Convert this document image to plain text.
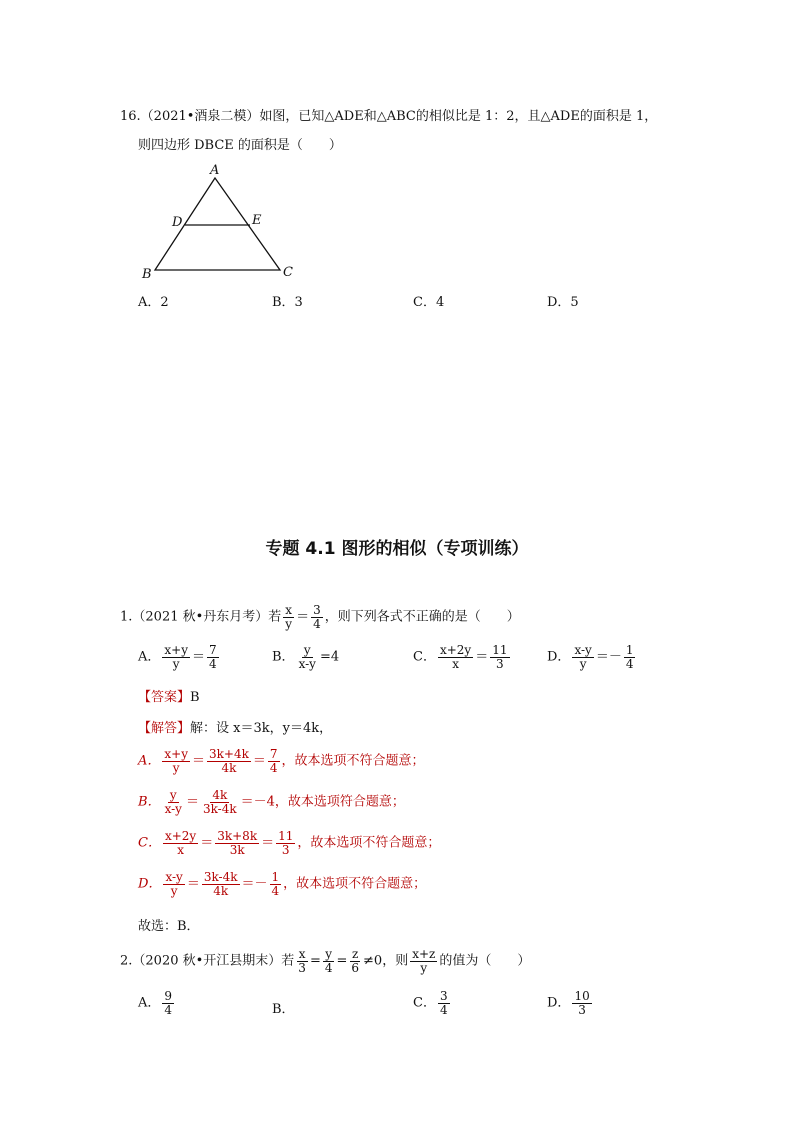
16.（2021•酒泉二模）如图，已知△ADE和△ABC的相似比是 1：2，且△ADE的面积是 1，
则四边形 DBCE 的面积是（　　）
A
D	E
B	C
A．2	B．3	C．4	D．5
专题 4.1 图形的相似（专项训练）
1.（2021 秋•丹东月考）若 $\frac{x}{y} = \frac{3}{4}$ ，则下列各式不正确的是（　　）
A． $\frac{x+y}{y} = \frac{7}{4}$	B． $\frac{y}{x-y} =4$	C． $\frac{x+2y}{x} = \frac{11}{3}$	D． $\frac{x-y}{y} =- \frac{1}{4}$
【答案】B
【解答】解：设 x＝3k，y＝4k，
A． $\frac{x+y}{y} = \frac{3k+4k}{4k} = \frac{7}{4}$ ，故本选项不符合题意；
B． $\frac{y}{x-y} = \frac{4k}{3k-4k} =-4$，故本选项符合题意；
C． $\frac{x+2y}{x} = \frac{3k+8k}{3k} = \frac{11}{3}$ ，故本选项不符合题意；
D． $\frac{x-y}{y} = \frac{3k-4k}{4k} =- \frac{1}{4}$ ，故本选项不符合题意；
故选：B．
2.（2020 秋•开江县期末）若 $\frac{x}{3} = \frac{y}{4} = \frac{z}{6} \ne 0$，则 $\frac{x+z}{y}$ 的值为（　　）
A． $\frac{9}{4}$	B．	C． $\frac{3}{4}$	D． $\frac{10}{3}$
